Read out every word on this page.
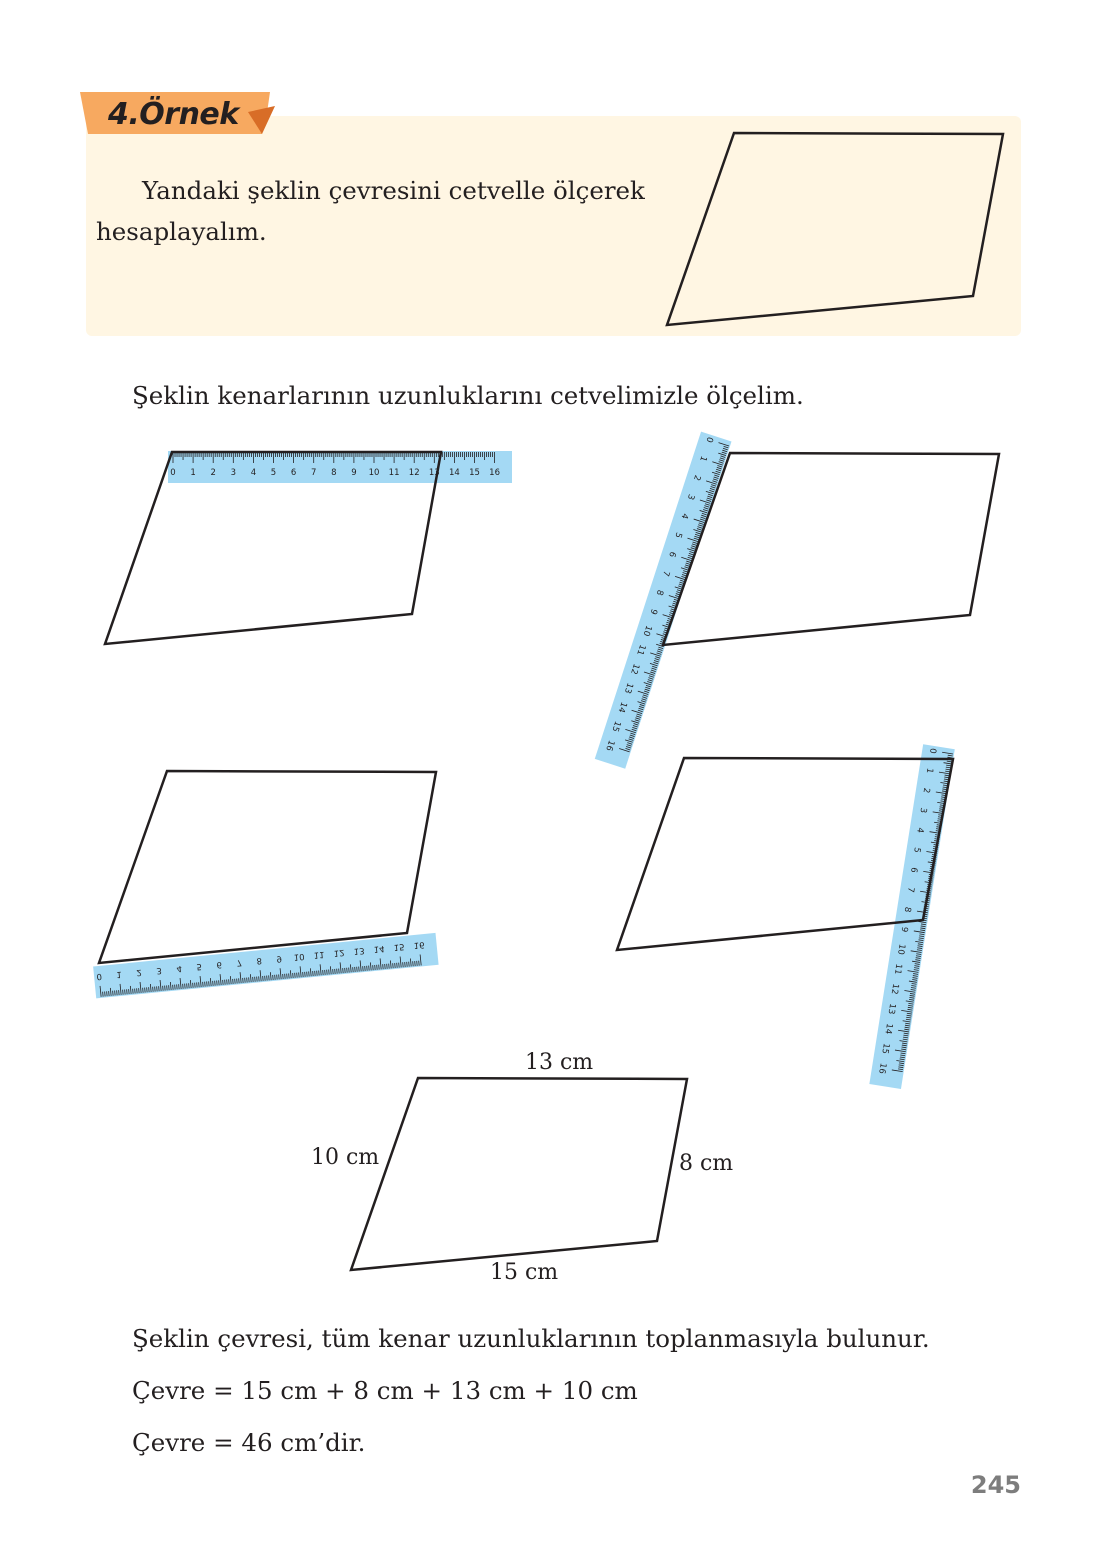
4.Örnek
Yandaki şeklin çevresini cetvelle ölçerek hesaplayalım.
Şeklin kenarlarının uzunluklarını cetvelimizle ölçelim.
0 1 2 3 4 5 6 7 8 9 10 11 12 13 14 15 16
0
1
2
3
4
5
6
7
8
9
10
11
12
13
14
15
16
0 1 2 3 4 5 6 7 8 9 10 11 12 13 14 15 16
0
1
2
3
4
5
6
7
8
9
10
11
12
13
14
15
16
13 cm
10 cm	8 cm
15 cm
Şeklin çevresi, tüm kenar uzunluklarının toplanmasıyla bulunur.
Çevre = 15 cm + 8 cm + 13 cm + 10 cm
Çevre = 46 cm’dir.
245
